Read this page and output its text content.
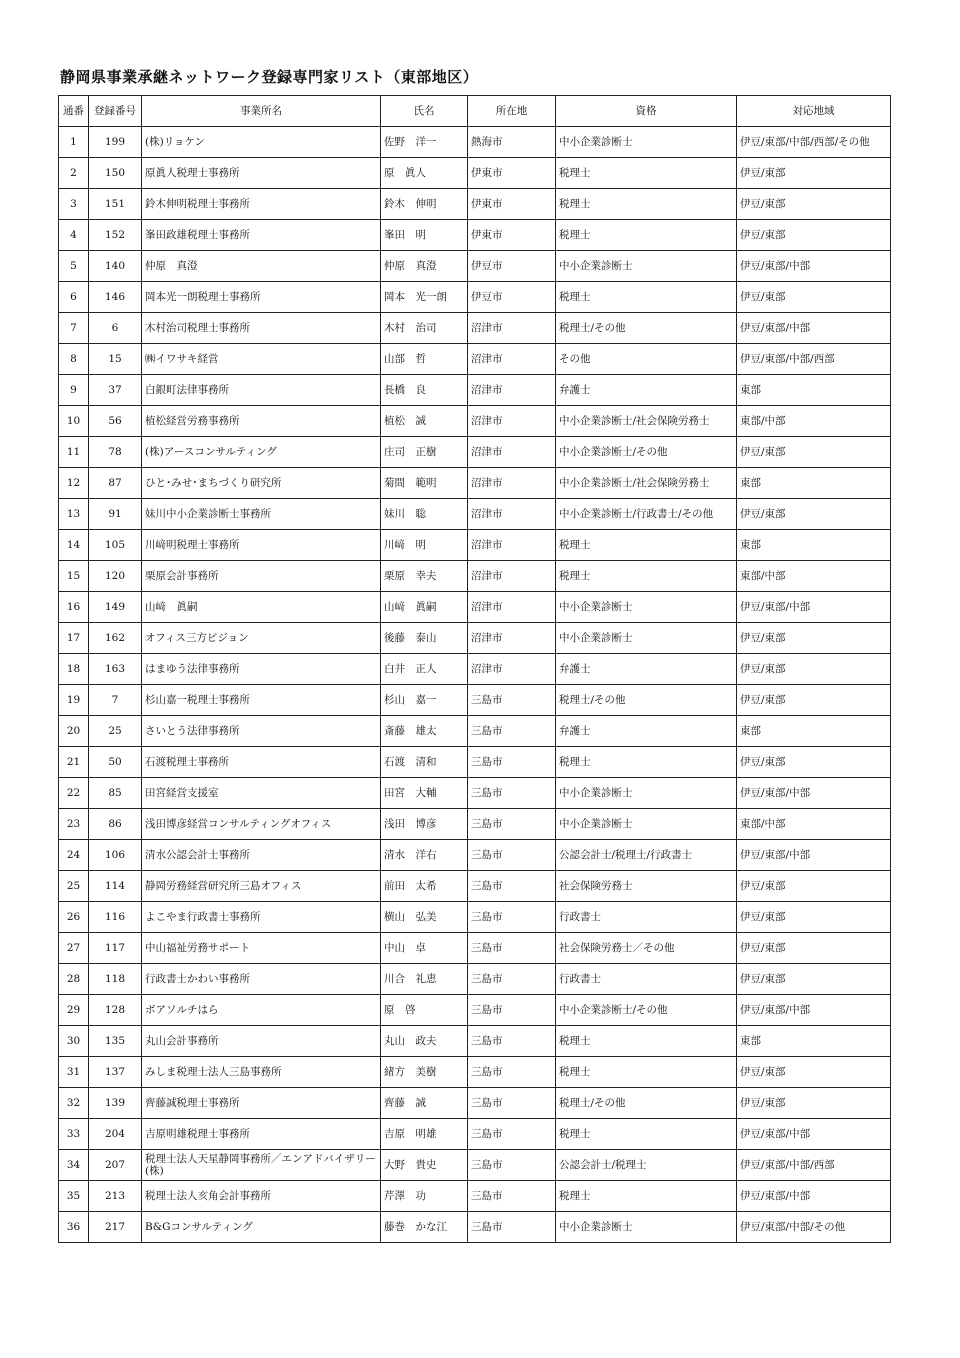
静岡県事業承継ネットワーク登録専門家リスト（東部地区）
通番	登録番号	事業所名	氏名	所在地	資格	対応地域
1	199	(株)リョケン	佐野　洋一	熱海市	中小企業診断士	伊豆/東部/中部/西部/その他
2	150	原眞人税理士事務所	原　眞人	伊東市	税理士	伊豆/東部
3	151	鈴木伸明税理士事務所	鈴木　伸明	伊東市	税理士	伊豆/東部
4	152	峯田政雄税理士事務所	峯田　明	伊東市	税理士	伊豆/東部
5	140	仲原　真澄	仲原　真澄	伊豆市	中小企業診断士	伊豆/東部/中部
6	146	岡本光一朗税理士事務所	岡本　光一朗	伊豆市	税理士	伊豆/東部
7	6	木村治司税理士事務所	木村　治司	沼津市	税理士/その他	伊豆/東部/中部
8	15	㈱イワサキ経営	山部　哲	沼津市	その他	伊豆/東部/中部/西部
9	37	白銀町法律事務所	長橋　良	沼津市	弁護士	東部
10	56	植松経営労務事務所	植松　誠	沼津市	中小企業診断士/社会保険労務士	東部/中部
11	78	(株)アースコンサルティング	庄司　正樹	沼津市	中小企業診断士/その他	伊豆/東部
12	87	ひと･みせ･まちづくり研究所	菊間　範明	沼津市	中小企業診断士/社会保険労務士	東部
13	91	妹川中小企業診断士事務所	妹川　聡	沼津市	中小企業診断士/行政書士/その他	伊豆/東部
14	105	川﨑明税理士事務所	川﨑　明	沼津市	税理士	東部
15	120	栗原会計事務所	栗原　幸夫	沼津市	税理士	東部/中部
16	149	山﨑　眞嗣	山﨑　眞嗣	沼津市	中小企業診断士	伊豆/東部/中部
17	162	オフィス三方ビジョン	後藤　泰山	沼津市	中小企業診断士	伊豆/東部
18	163	はまゆう法律事務所	白井　正人	沼津市	弁護士	伊豆/東部
19	7	杉山嘉一税理士事務所	杉山　嘉一	三島市	税理士/その他	伊豆/東部
20	25	さいとう法律事務所	斎藤　雄太	三島市	弁護士	東部
21	50	石渡税理士事務所	石渡　清和	三島市	税理士	伊豆/東部
22	85	田宮経営支援室	田宮　大輔	三島市	中小企業診断士	伊豆/東部/中部
23	86	浅田博彦経営コンサルティングオフィス	浅田　博彦	三島市	中小企業診断士	東部/中部
24	106	清水公認会計士事務所	清水　洋右	三島市	公認会計士/税理士/行政書士	伊豆/東部/中部
25	114	静岡労務経営研究所三島オフィス	前田　太希	三島市	社会保険労務士	伊豆/東部
26	116	よこやま行政書士事務所	横山　弘美	三島市	行政書士	伊豆/東部
27	117	中山福祉労務サポート	中山　卓	三島市	社会保険労務士／その他	伊豆/東部
28	118	行政書士かわい事務所	川合　礼恵	三島市	行政書士	伊豆/東部
29	128	ボアソルチはら	原　啓	三島市	中小企業診断士/その他	伊豆/東部/中部
30	135	丸山会計事務所	丸山　政夫	三島市	税理士	東部
31	137	みしま税理士法人三島事務所	緒方　美樹	三島市	税理士	伊豆/東部
32	139	齊藤誠税理士事務所	齊藤　誠	三島市	税理士/その他	伊豆/東部
33	204	吉原明雄税理士事務所	吉原　明雄	三島市	税理士	伊豆/東部/中部
34	207	税理士法人天星静岡事務所／エンアドバイザリー(株)	大野　貴史	三島市	公認会計士/税理士	伊豆/東部/中部/西部
35	213	税理士法人亥角会計事務所	芹澤　功	三島市	税理士	伊豆/東部/中部
36	217	B&Gコンサルティング	藤巻　かな江	三島市	中小企業診断士	伊豆/東部/中部/その他
